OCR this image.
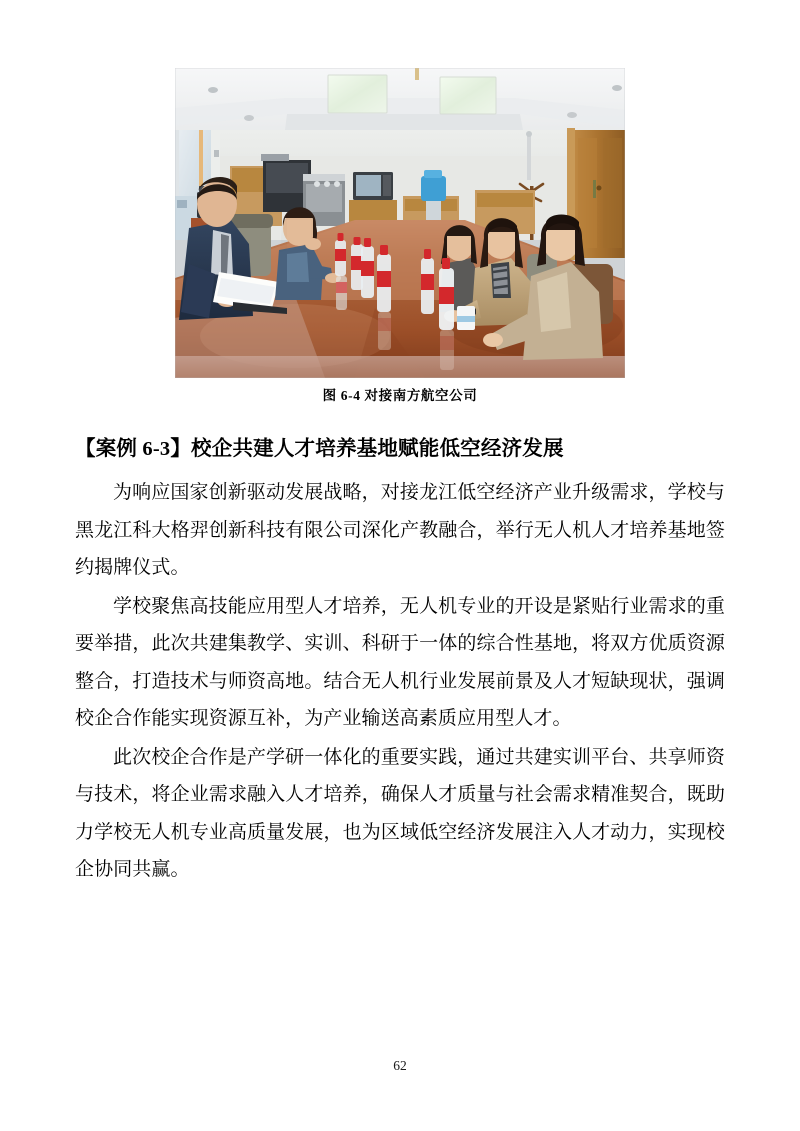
图 6-4 对接南方航空公司
【案例 6-3】校企共建人才培养基地赋能低空经济发展

为响应国家创新驱动发展战略，对接龙江低空经济产业升级需求，学校与黑龙江科大格羿创新科技有限公司深化产教融合，举行无人机人才培养基地签约揭牌仪式。

学校聚焦高技能应用型人才培养，无人机专业的开设是紧贴行业需求的重要举措，此次共建集教学、实训、科研于一体的综合性基地，将双方优质资源整合，打造技术与师资高地。结合无人机行业发展前景及人才短缺现状，强调校企合作能实现资源互补，为产业输送高素质应用型人才。

此次校企合作是产学研一体化的重要实践，通过共建实训平台、共享师资与技术，将企业需求融入人才培养，确保人才质量与社会需求精准契合，既助力学校无人机专业高质量发展，也为区域低空经济发展注入人才动力，实现校企协同共赢。

62
